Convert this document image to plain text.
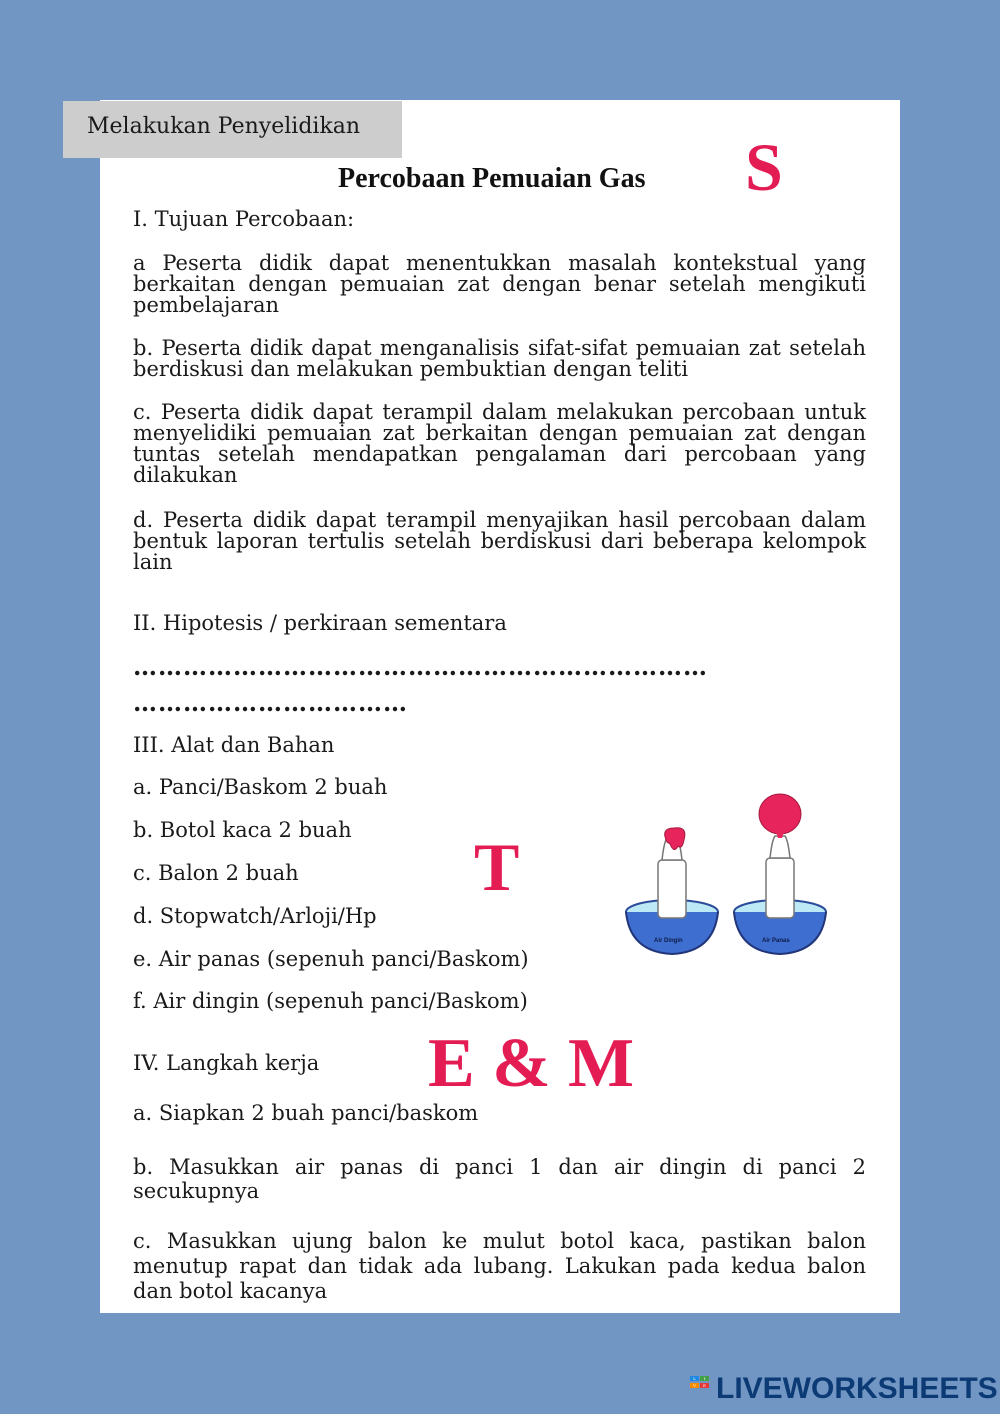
Melakukan Penyelidikan
Percobaan Pemuaian Gas S
I. Tujuan Percobaan:
a Peserta didik dapat menentukkan masalah kontekstual yang berkaitan dengan pemuaian zat dengan benar setelah mengikuti pembelajaran
b. Peserta didik dapat menganalisis sifat-sifat pemuaian zat setelah berdiskusi dan melakukan pembuktian dengan teliti
c. Peserta didik dapat terampil dalam melakukan percobaan untuk menyelidiki pemuaian zat berkaitan dengan pemuaian zat dengan tuntas setelah mendapatkan pengalaman dari percobaan yang dilakukan
d. Peserta didik dapat terampil menyajikan hasil percobaan dalam bentuk laporan tertulis setelah berdiskusi dari beberapa kelompok lain
II. Hipotesis / perkiraan sementara
……………………………………………………………
……………………………
III. Alat dan Bahan
a. Panci/Baskom 2 buah
b. Botol kaca 2 buah
c. Balon 2 buah
d. Stopwatch/Arloji/Hp
e. Air panas (sepenuh panci/Baskom)
f. Air dingin (sepenuh panci/Baskom)
T
E & M
Air Dingin	Air Panas
IV. Langkah kerja
a. Siapkan 2 buah panci/baskom
b. Masukkan air panas di panci 1 dan air dingin di panci 2 secukupnya
c. Masukkan ujung balon ke mulut botol kaca, pastikan balon menutup rapat dan tidak ada lubang. Lakukan pada kedua balon dan botol kacanya
L	I
V	E LIVEWORKSHEETS
